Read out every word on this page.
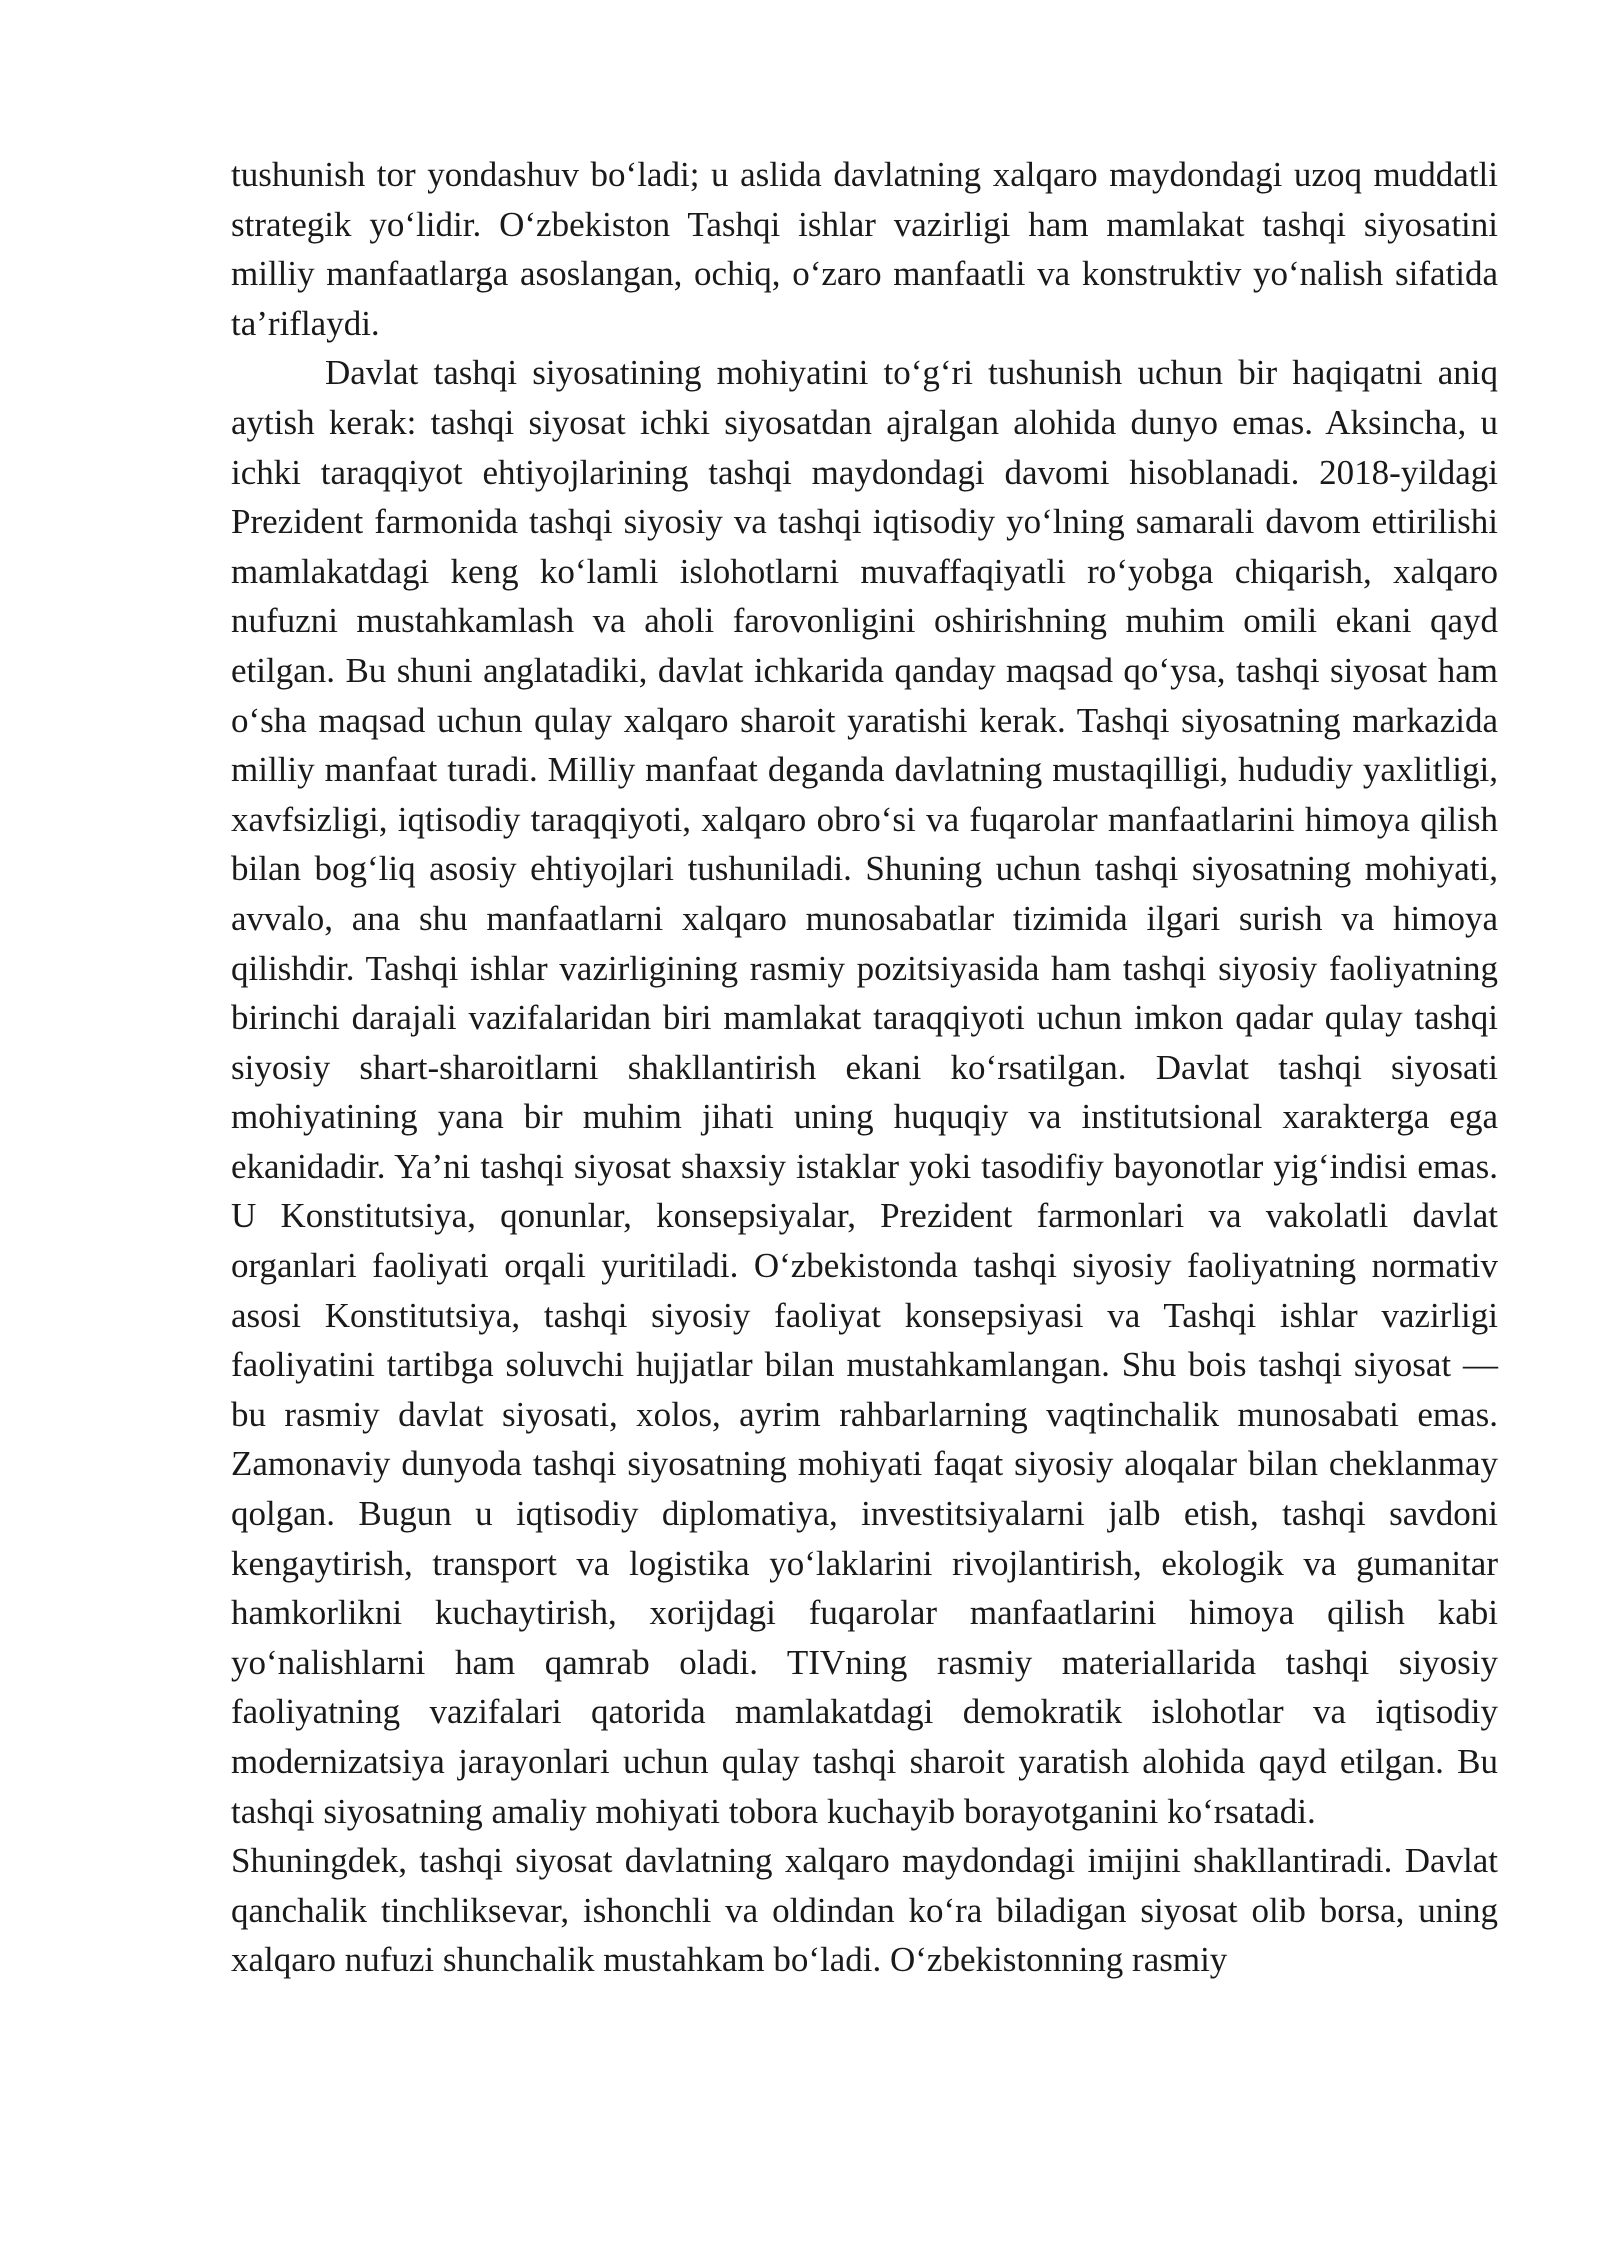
tushunish tor yondashuv bo‘ladi; u aslida davlatning xalqaro maydondagi uzoq muddatli strategik yo‘lidir. O‘zbekiston Tashqi ishlar vazirligi ham mamlakat tashqi siyosatini milliy manfaatlarga asoslangan, ochiq, o‘zaro manfaatli va konstruktiv yo‘nalish sifatida ta’riflaydi.

Davlat tashqi siyosatining mohiyatini to‘g‘ri tushunish uchun bir haqiqatni aniq aytish kerak: tashqi siyosat ichki siyosatdan ajralgan alohida dunyo emas. Aksincha, u ichki taraqqiyot ehtiyojlarining tashqi maydondagi davomi hisoblanadi. 2018-yildagi Prezident farmonida tashqi siyosiy va tashqi iqtisodiy yo‘lning samarali davom ettirilishi mamlakatdagi keng ko‘lamli islohotlarni muvaffaqiyatli ro‘yobga chiqarish, xalqaro nufuzni mustahkamlash va aholi farovonligini oshirishning muhim omili ekani qayd etilgan. Bu shuni anglatadiki, davlat ichkarida qanday maqsad qo‘ysa, tashqi siyosat ham o‘sha maqsad uchun qulay xalqaro sharoit yaratishi kerak. Tashqi siyosatning markazida milliy manfaat turadi. Milliy manfaat deganda davlatning mustaqilligi, hududiy yaxlitligi, xavfsizligi, iqtisodiy taraqqiyoti, xalqaro obro‘si va fuqarolar manfaatlarini himoya qilish bilan bog‘liq asosiy ehtiyojlari tushuniladi. Shuning uchun tashqi siyosatning mohiyati, avvalo, ana shu manfaatlarni xalqaro munosabatlar tizimida ilgari surish va himoya qilishdir. Tashqi ishlar vazirligining rasmiy pozitsiyasida ham tashqi siyosiy faoliyatning birinchi darajali vazifalaridan biri mamlakat taraqqiyoti uchun imkon qadar qulay tashqi siyosiy shart-sharoitlarni shakllantirish ekani ko‘rsatilgan. Davlat tashqi siyosati mohiyatining yana bir muhim jihati uning huquqiy va institutsional xarakterga ega ekanidadir. Ya’ni tashqi siyosat shaxsiy istaklar yoki tasodifiy bayonotlar yig‘indisi emas. U Konstitutsiya, qonunlar, konsepsiyalar, Prezident farmonlari va vakolatli davlat organlari faoliyati orqali yuritiladi. O‘zbekistonda tashqi siyosiy faoliyatning normativ asosi Konstitutsiya, tashqi siyosiy faoliyat konsepsiyasi va Tashqi ishlar vazirligi faoliyatini tartibga soluvchi hujjatlar bilan mustahkamlangan. Shu bois tashqi siyosat — bu rasmiy davlat siyosati, xolos, ayrim rahbarlarning vaqtinchalik munosabati emas. Zamonaviy dunyoda tashqi siyosatning mohiyati faqat siyosiy aloqalar bilan cheklanmay qolgan. Bugun u iqtisodiy diplomatiya, investitsiyalarni jalb etish, tashqi savdoni kengaytirish, transport va logistika yo‘laklarini rivojlantirish, ekologik va gumanitar hamkorlikni kuchaytirish, xorijdagi fuqarolar manfaatlarini himoya qilish kabi yo‘nalishlarni ham qamrab oladi. TIVning rasmiy materiallarida tashqi siyosiy faoliyatning vazifalari qatorida mamlakatdagi demokratik islohotlar va iqtisodiy modernizatsiya jarayonlari uchun qulay tashqi sharoit yaratish alohida qayd etilgan. Bu tashqi siyosatning amaliy mohiyati tobora kuchayib borayotganini ko‘rsatadi.

Shuningdek, tashqi siyosat davlatning xalqaro maydondagi imijini shakllantiradi. Davlat qanchalik tinchliksevar, ishonchli va oldindan ko‘ra biladigan siyosat olib borsa, uning xalqaro nufuzi shunchalik mustahkam bo‘ladi. O‘zbekistonning rasmiy
